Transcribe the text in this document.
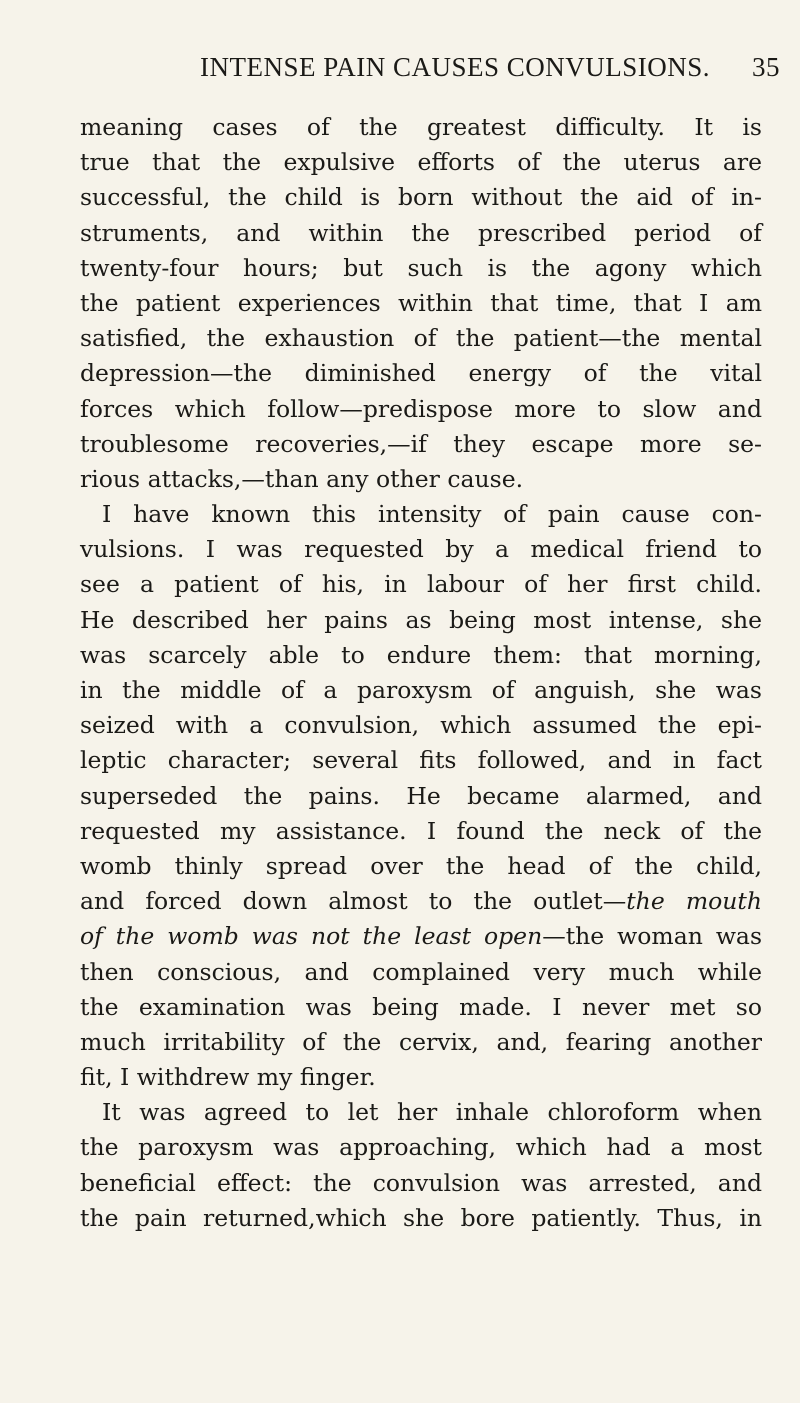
INTENSE PAIN CAUSES CONVULSIONS. 35
meaning cases of the greatest difficulty. It is
true that the expulsive efforts of the uterus are
successful, the child is born without the aid of in-
struments, and within the prescribed period of
twenty-four hours; but such is the agony which
the patient experiences within that time, that I am
satisfied, the exhaustion of the patient—the mental
depression—the diminished energy of the vital
forces which follow—predispose more to slow and
troublesome recoveries,—if they escape more se-
rious attacks,—than any other cause.
I have known this intensity of pain cause con-
vulsions. I was requested by a medical friend to
see a patient of his, in labour of her first child.
He described her pains as being most intense, she
was scarcely able to endure them: that morning,
in the middle of a paroxysm of anguish, she was
seized with a convulsion, which assumed the epi-
leptic character; several fits followed, and in fact
superseded the pains. He became alarmed, and
requested my assistance. I found the neck of the
womb thinly spread over the head of the child,
and forced down almost to the outlet—the mouth
of the womb was not the least open—the woman was
then conscious, and complained very much while
the examination was being made. I never met so
much irritability of the cervix, and, fearing another
fit, I withdrew my finger.
It was agreed to let her inhale chloroform when
the paroxysm was approaching, which had a most
beneficial effect: the convulsion was arrested, and
the pain returned,which she bore patiently. Thus, in
